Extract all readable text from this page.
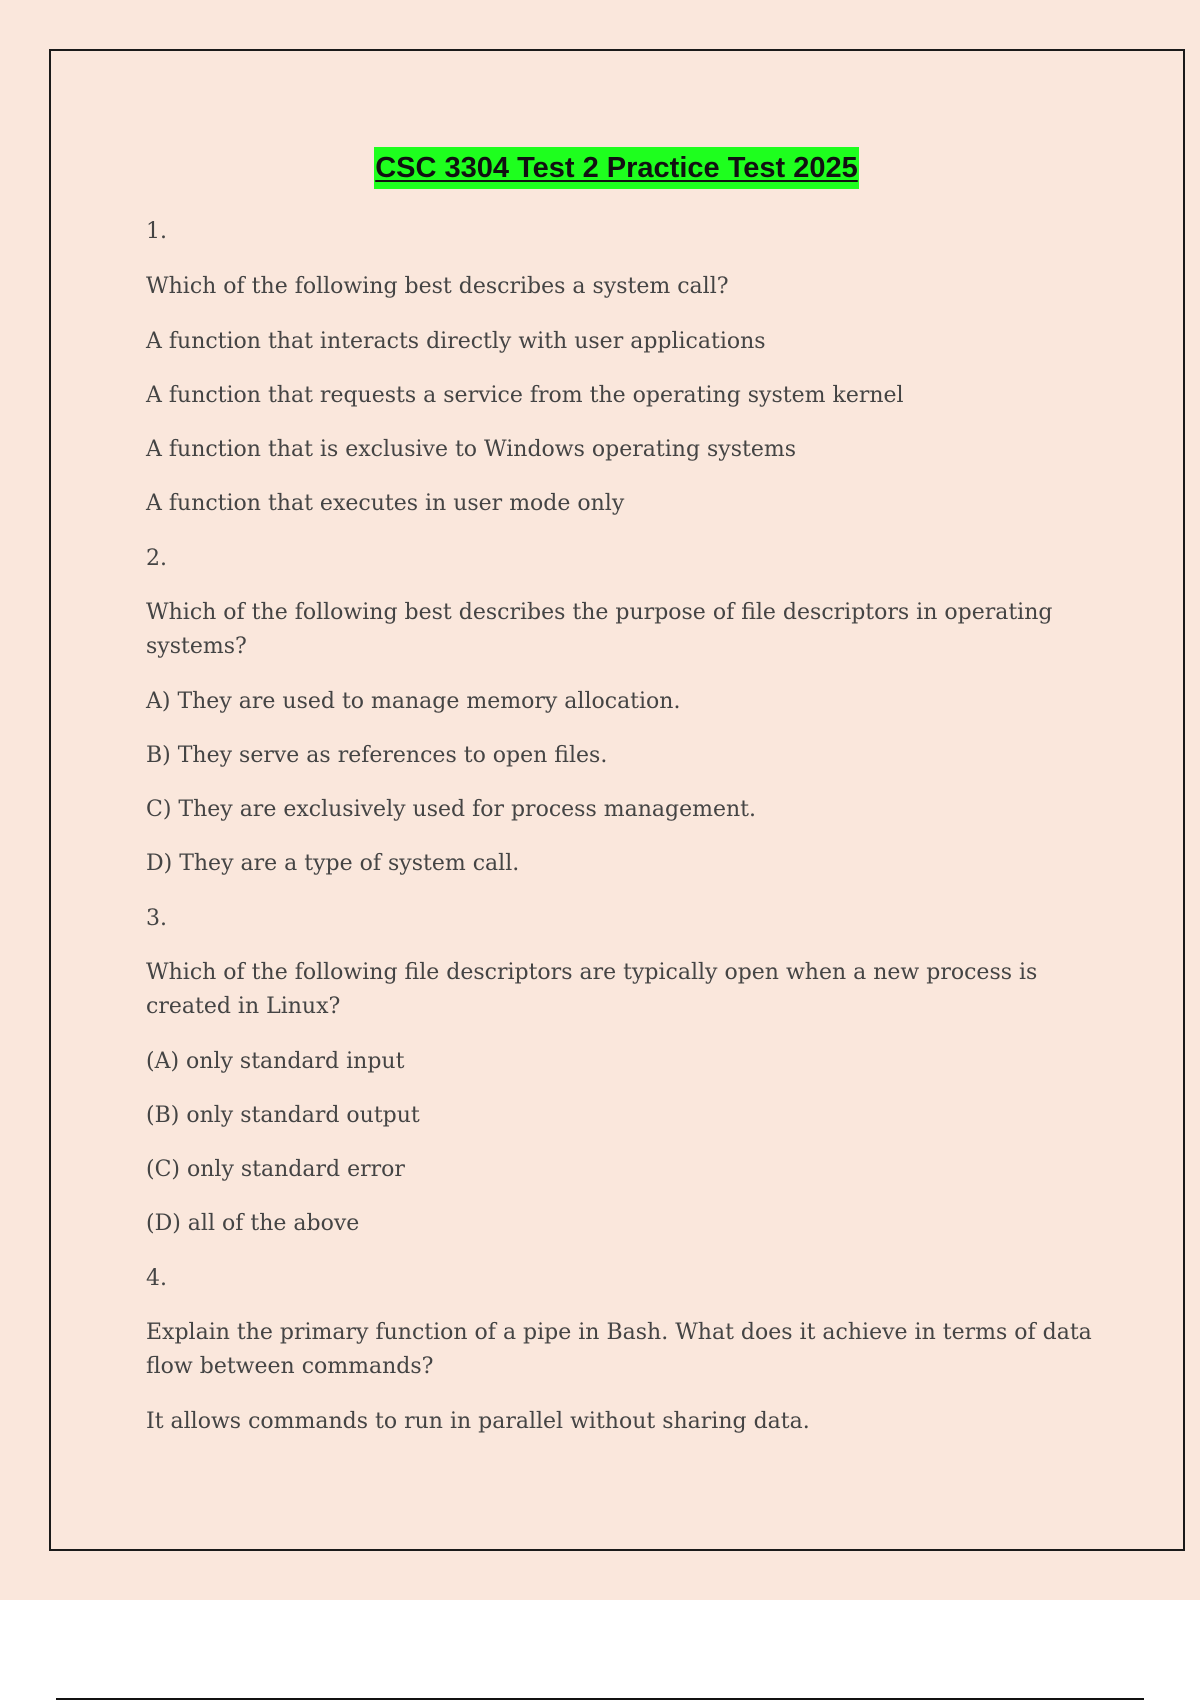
CSC 3304 Test 2 Practice Test 2025

1.

Which of the following best describes a system call?

A function that interacts directly with user applications

A function that requests a service from the operating system kernel

A function that is exclusive to Windows operating systems

A function that executes in user mode only

2.

Which of the following best describes the purpose of file descriptors in operating systems?

A) They are used to manage memory allocation.

B) They serve as references to open files.

C) They are exclusively used for process management.

D) They are a type of system call.

3.

Which of the following file descriptors are typically open when a new process is created in Linux?

(A) only standard input

(B) only standard output

(C) only standard error

(D) all of the above

4.

Explain the primary function of a pipe in Bash. What does it achieve in terms of data flow between commands?

It allows commands to run in parallel without sharing data.
